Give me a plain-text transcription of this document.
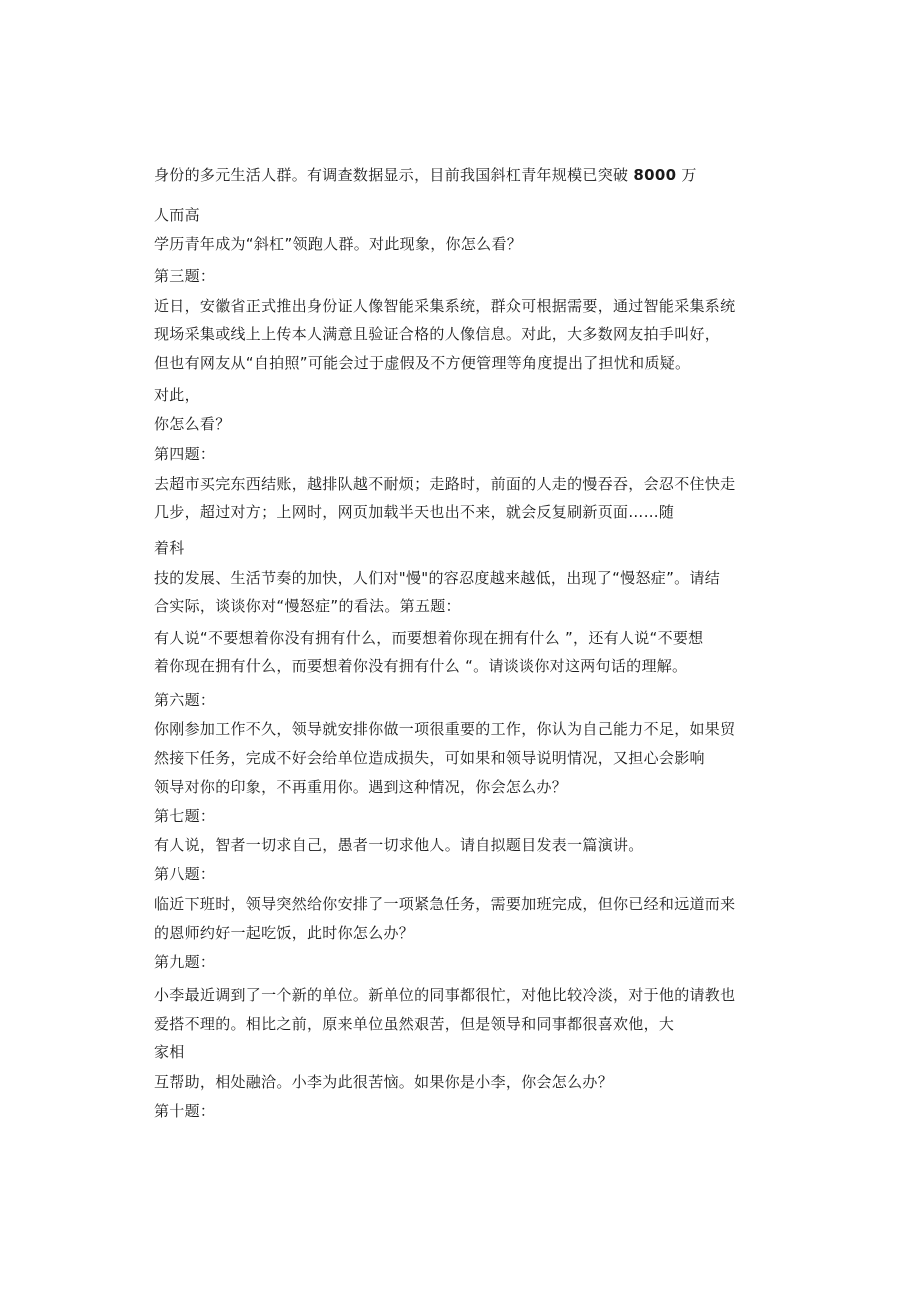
身份的多元生活人群。有调查数据显示，目前我国斜杠青年规模已突破 8000 万
人而高
学历青年成为“斜杠”领跑人群。对此现象，你怎么看？
第三题：
近日，安徽省正式推出身份证人像智能采集系统，群众可根据需要，通过智能采集系统
现场采集或线上上传本人满意且验证合格的人像信息。对此，大多数网友拍手叫好，
但也有网友从“自拍照”可能会过于虚假及不方便管理等角度提出了担忧和质疑。
对此，
你怎么看？
第四题：
去超市买完东西结账，越排队越不耐烦；走路时，前面的人走的慢吞吞，会忍不住快走
几步，超过对方；上网时，网页加载半天也出不来，就会反复刷新页面……随
着科
技的发展、生活节奏的加快，人们对"慢"的容忍度越来越低，出现了“慢怒症”。请结
合实际，谈谈你对“慢怒症”的看法。第五题：
有人说“不要想着你没有拥有什么，而要想着你现在拥有什么 ”，还有人说“不要想
着你现在拥有什么，而要想着你没有拥有什么 “。请谈谈你对这两句话的理解。
第六题：
你刚参加工作不久，领导就安排你做一项很重要的工作，你认为自己能力不足，如果贸
然接下任务，完成不好会给单位造成损失，可如果和领导说明情况，又担心会影响
领导对你的印象，不再重用你。遇到这种情况，你会怎么办？
第七题：
有人说，智者一切求自己，愚者一切求他人。请自拟题目发表一篇演讲。
第八题：
临近下班时，领导突然给你安排了一项紧急任务，需要加班完成，但你已经和远道而来
的恩师约好一起吃饭，此时你怎么办？
第九题：
小李最近调到了一个新的单位。新单位的同事都很忙，对他比较冷淡，对于他的请教也
爱搭不理的。相比之前，原来单位虽然艰苦，但是领导和同事都很喜欢他，大
家相
互帮助，相处融洽。小李为此很苦恼。如果你是小李，你会怎么办？
第十题：
